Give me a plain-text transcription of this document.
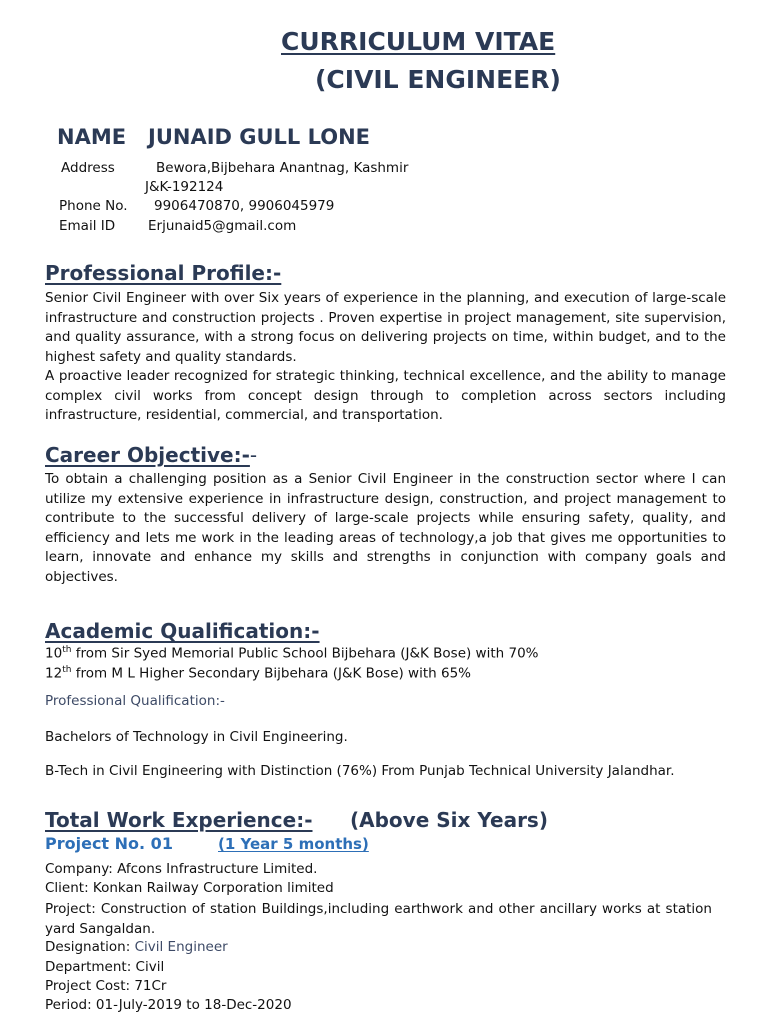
CURRICULUM VITAE
(CIVIL ENGINEER)
NAME JUNAID GULL LONE
Address	Bewora,Bijbehara Anantnag, Kashmir
J&K-192124
Phone No. 9906470870, 9906045979
Email ID Erjunaid5@gmail.com
Professional Profile:-
Senior Civil Engineer with over Six years of experience in the planning, and execution of large-scale infrastructure and construction projects . Proven expertise in project management, site supervision, and quality assurance, with a strong focus on delivering projects on time, within budget, and to the highest safety and quality standards.
A proactive leader recognized for strategic thinking, technical excellence, and the ability to manage complex civil works from concept design through to completion across sectors including infrastructure, residential, commercial, and transportation.
Career Objective:--
To obtain a challenging position as a Senior Civil Engineer in the construction sector where I can utilize my extensive experience in infrastructure design, construction, and project management to contribute to the successful delivery of large-scale projects while ensuring safety, quality, and efficiency and lets me work in the leading areas of technology,a job that gives me opportunities to learn, innovate and enhance my skills and strengths in conjunction with company goals and objectives.
Academic Qualification:-
10th from Sir Syed Memorial Public School Bijbehara (J&K Bose) with 70%
12th from M L Higher Secondary Bijbehara (J&K Bose) with 65%
Professional Qualification:-
Bachelors of Technology in Civil Engineering.
B-Tech in Civil Engineering with Distinction (76%) From Punjab Technical University Jalandhar.
Total Work Experience:- (Above Six Years)
Project No. 01	(1 Year 5 months)
Company: Afcons Infrastructure Limited.
Client: Konkan Railway Corporation limited
Project: Construction of station Buildings,including earthwork and other ancillary works at station yard Sangaldan.
Designation: Civil Engineer
Department: Civil
Project Cost: 71Cr
Period: 01-July-2019 to 18-Dec-2020
